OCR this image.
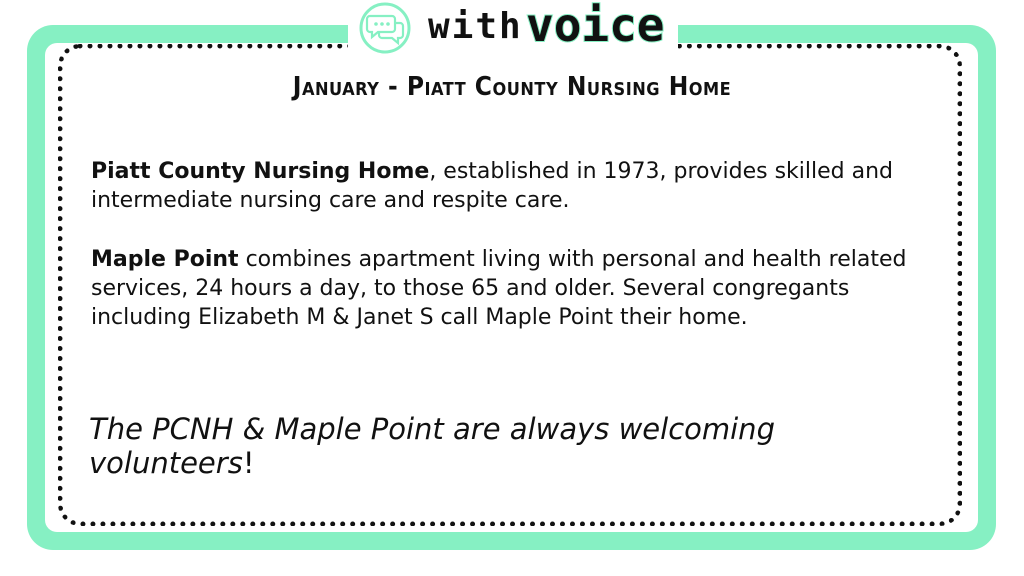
with voice
January - Piatt County Nursing Home
Piatt County Nursing Home, established in 1973, provides skilled and intermediate nursing care and respite care.
Maple Point combines apartment living with personal and health related services, 24 hours a day, to those 65 and older. Several congregants including Elizabeth M & Janet S call Maple Point their home.
The PCNH & Maple Point are always welcoming volunteers!
